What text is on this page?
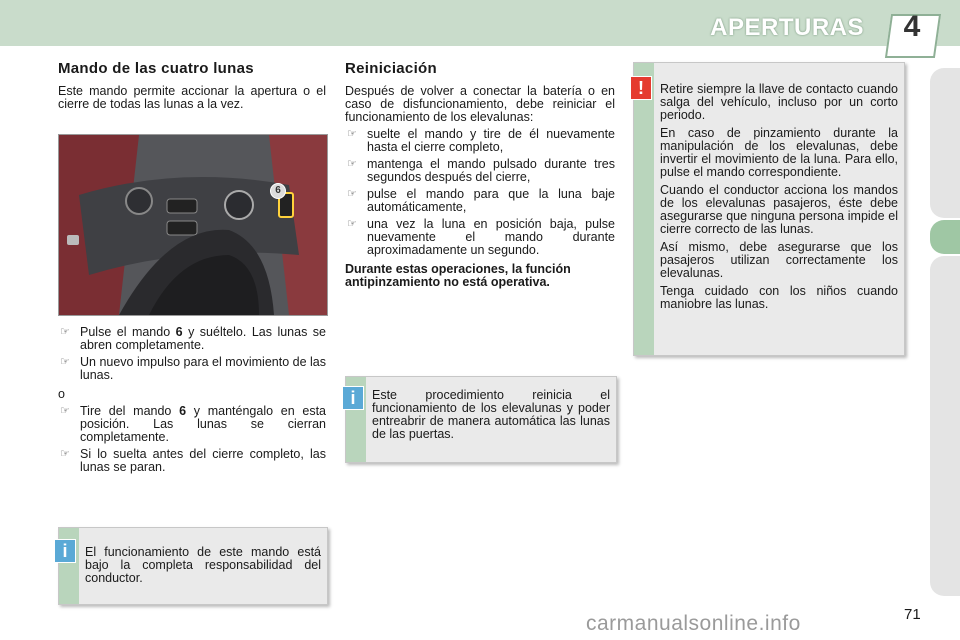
APERTURAS	4
Mando de las cuatro lunas

Este mando permite accionar la apertura o el cierre de todas las lunas a la vez.

6
☞ Pulse el mando 6 y suéltelo. Las lunas se abren completamente.
☞ Un nuevo impulso para el movimiento de las lunas.

o

☞ Tire del mando 6 y manténgalo en esta posición. Las lunas se cierran completamente.
☞ Si lo suelta antes del cierre completo, las lunas se paran.
El funcionamiento de este mando está bajo la completa responsabilidad del conductor.
i
Reiniciación

Después de volver a conectar la batería o en caso de disfuncionamiento, debe reiniciar el funcionamiento de los elevalunas:

☞ suelte el mando y tire de él nuevamente hasta el cierre completo,
☞ mantenga el mando pulsado durante tres segundos después del cierre,
☞ pulse el mando para que la luna baje automáticamente,
☞ una vez la luna en posición baja, pulse nuevamente el mando durante aproximadamente un segundo.

Durante estas operaciones, la función antipinzamiento no está operativa.

Este procedimiento reinicia el funcionamiento de los elevalunas y poder entreabrir de manera automática las lunas de las puertas.
i

Retire siempre la llave de contacto cuando salga del vehículo, incluso por un corto periodo.

En caso de pinzamiento durante la manipulación de los elevalunas, debe invertir el movimiento de la luna. Para ello, pulse el mando correspondiente.

Cuando el conductor acciona los mandos de los elevalunas pasajeros, éste debe asegurarse que ninguna persona impide el cierre correcto de las lunas.

Así mismo, debe asegurarse que los pasajeros utilizan correctamente los elevalunas.

Tenga cuidado con los niños cuando maniobre las lunas.

!
71
carmanualsonline.info
